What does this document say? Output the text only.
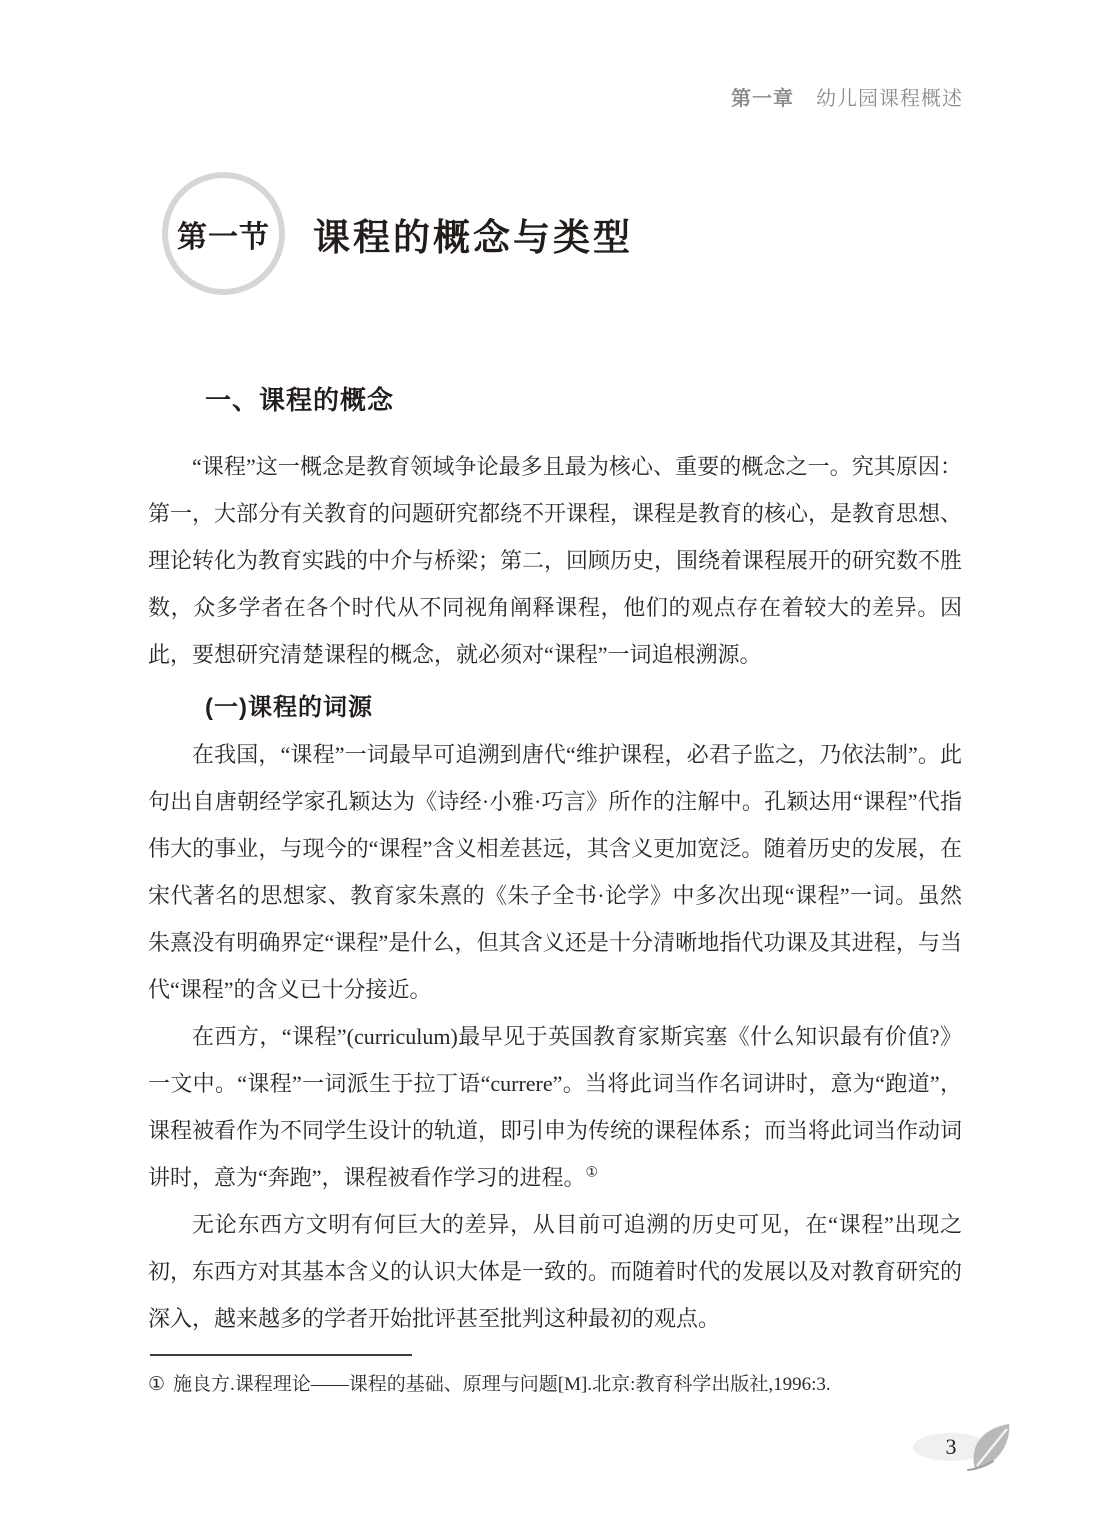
第一章 幼儿园课程概述
第一节 课程的概念与类型
一、课程的概念

“课程”这一概念是教育领域争论最多且最为核心、重要的概念之一。究其原因：第一，大部分有关教育的问题研究都绕不开课程，课程是教育的核心，是教育思想、理论转化为教育实践的中介与桥梁；第二，回顾历史，围绕着课程展开的研究数不胜数，众多学者在各个时代从不同视角阐释课程，他们的观点存在着较大的差异。因此，要想研究清楚课程的概念，就必须对“课程”一词追根溯源。

(一)课程的词源

在我国，“课程”一词最早可追溯到唐代“维护课程，必君子监之，乃依法制”。此句出自唐朝经学家孔颖达为《诗经·小雅·巧言》所作的注解中。孔颖达用“课程”代指伟大的事业，与现今的“课程”含义相差甚远，其含义更加宽泛。随着历史的发展，在宋代著名的思想家、教育家朱熹的《朱子全书·论学》中多次出现“课程”一词。虽然朱熹没有明确界定“课程”是什么，但其含义还是十分清晰地指代功课及其进程，与当代“课程”的含义已十分接近。

在西方，“课程”(curriculum)最早见于英国教育家斯宾塞《什么知识最有价值?》一文中。“课程”一词派生于拉丁语“currere”。当将此词当作名词讲时，意为“跑道”，课程被看作为不同学生设计的轨道，即引申为传统的课程体系；而当将此词当作动词讲时，意为“奔跑”，课程被看作学习的进程。①

无论东西方文明有何巨大的差异，从目前可追溯的历史可见，在“课程”出现之初，东西方对其基本含义的认识大体是一致的。而随着时代的发展以及对教育研究的深入，越来越多的学者开始批评甚至批判这种最初的观点。

① 施良方.课程理论——课程的基础、原理与问题[M].北京:教育科学出版社,1996:3.
3
